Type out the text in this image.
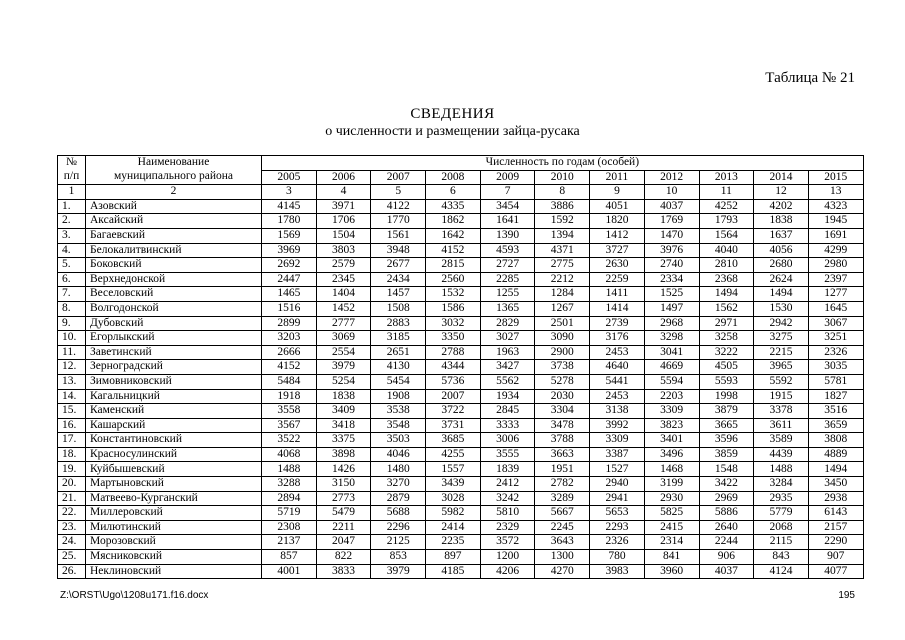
Таблица № 21
СВЕДЕНИЯ
о численности и размещении зайца-русака
№	Наименование	Численность по годам (особей)										
п/п	муниципального района	2005	2006	2007	2008	2009	2010	2011	2012	2013	2014	2015
1	2	3	4	5	6	7	8	9	10	11	12	13
1.	Азовский	4145	3971	4122	4335	3454	3886	4051	4037	4252	4202	4323
2.	Аксайский	1780	1706	1770	1862	1641	1592	1820	1769	1793	1838	1945
3.	Багаевский	1569	1504	1561	1642	1390	1394	1412	1470	1564	1637	1691
4.	Белокалитвинский	3969	3803	3948	4152	4593	4371	3727	3976	4040	4056	4299
5.	Боковский	2692	2579	2677	2815	2727	2775	2630	2740	2810	2680	2980
6.	Верхнедонской	2447	2345	2434	2560	2285	2212	2259	2334	2368	2624	2397
7.	Веселовский	1465	1404	1457	1532	1255	1284	1411	1525	1494	1494	1277
8.	Волгодонской	1516	1452	1508	1586	1365	1267	1414	1497	1562	1530	1645
9.	Дубовский	2899	2777	2883	3032	2829	2501	2739	2968	2971	2942	3067
10.	Егорлыкский	3203	3069	3185	3350	3027	3090	3176	3298	3258	3275	3251
11.	Заветинский	2666	2554	2651	2788	1963	2900	2453	3041	3222	2215	2326
12.	Зерноградский	4152	3979	4130	4344	3427	3738	4640	4669	4505	3965	3035
13.	Зимовниковский	5484	5254	5454	5736	5562	5278	5441	5594	5593	5592	5781
14.	Кагальницкий	1918	1838	1908	2007	1934	2030	2453	2203	1998	1915	1827
15.	Каменский	3558	3409	3538	3722	2845	3304	3138	3309	3879	3378	3516
16.	Кашарский	3567	3418	3548	3731	3333	3478	3992	3823	3665	3611	3659
17.	Константиновский	3522	3375	3503	3685	3006	3788	3309	3401	3596	3589	3808
18.	Красносулинский	4068	3898	4046	4255	3555	3663	3387	3496	3859	4439	4889
19.	Куйбышевский	1488	1426	1480	1557	1839	1951	1527	1468	1548	1488	1494
20.	Мартыновский	3288	3150	3270	3439	2412	2782	2940	3199	3422	3284	3450
21.	Матвеево-Курганский	2894	2773	2879	3028	3242	3289	2941	2930	2969	2935	2938
22.	Миллеровский	5719	5479	5688	5982	5810	5667	5653	5825	5886	5779	6143
23.	Милютинский	2308	2211	2296	2414	2329	2245	2293	2415	2640	2068	2157
24.	Морозовский	2137	2047	2125	2235	3572	3643	2326	2314	2244	2115	2290
25.	Мясниковский	857	822	853	897	1200	1300	780	841	906	843	907
26.	Неклиновский	4001	3833	3979	4185	4206	4270	3983	3960	4037	4124	4077
Z:\ORST\Ugo\1208u171.f16.docx	195
